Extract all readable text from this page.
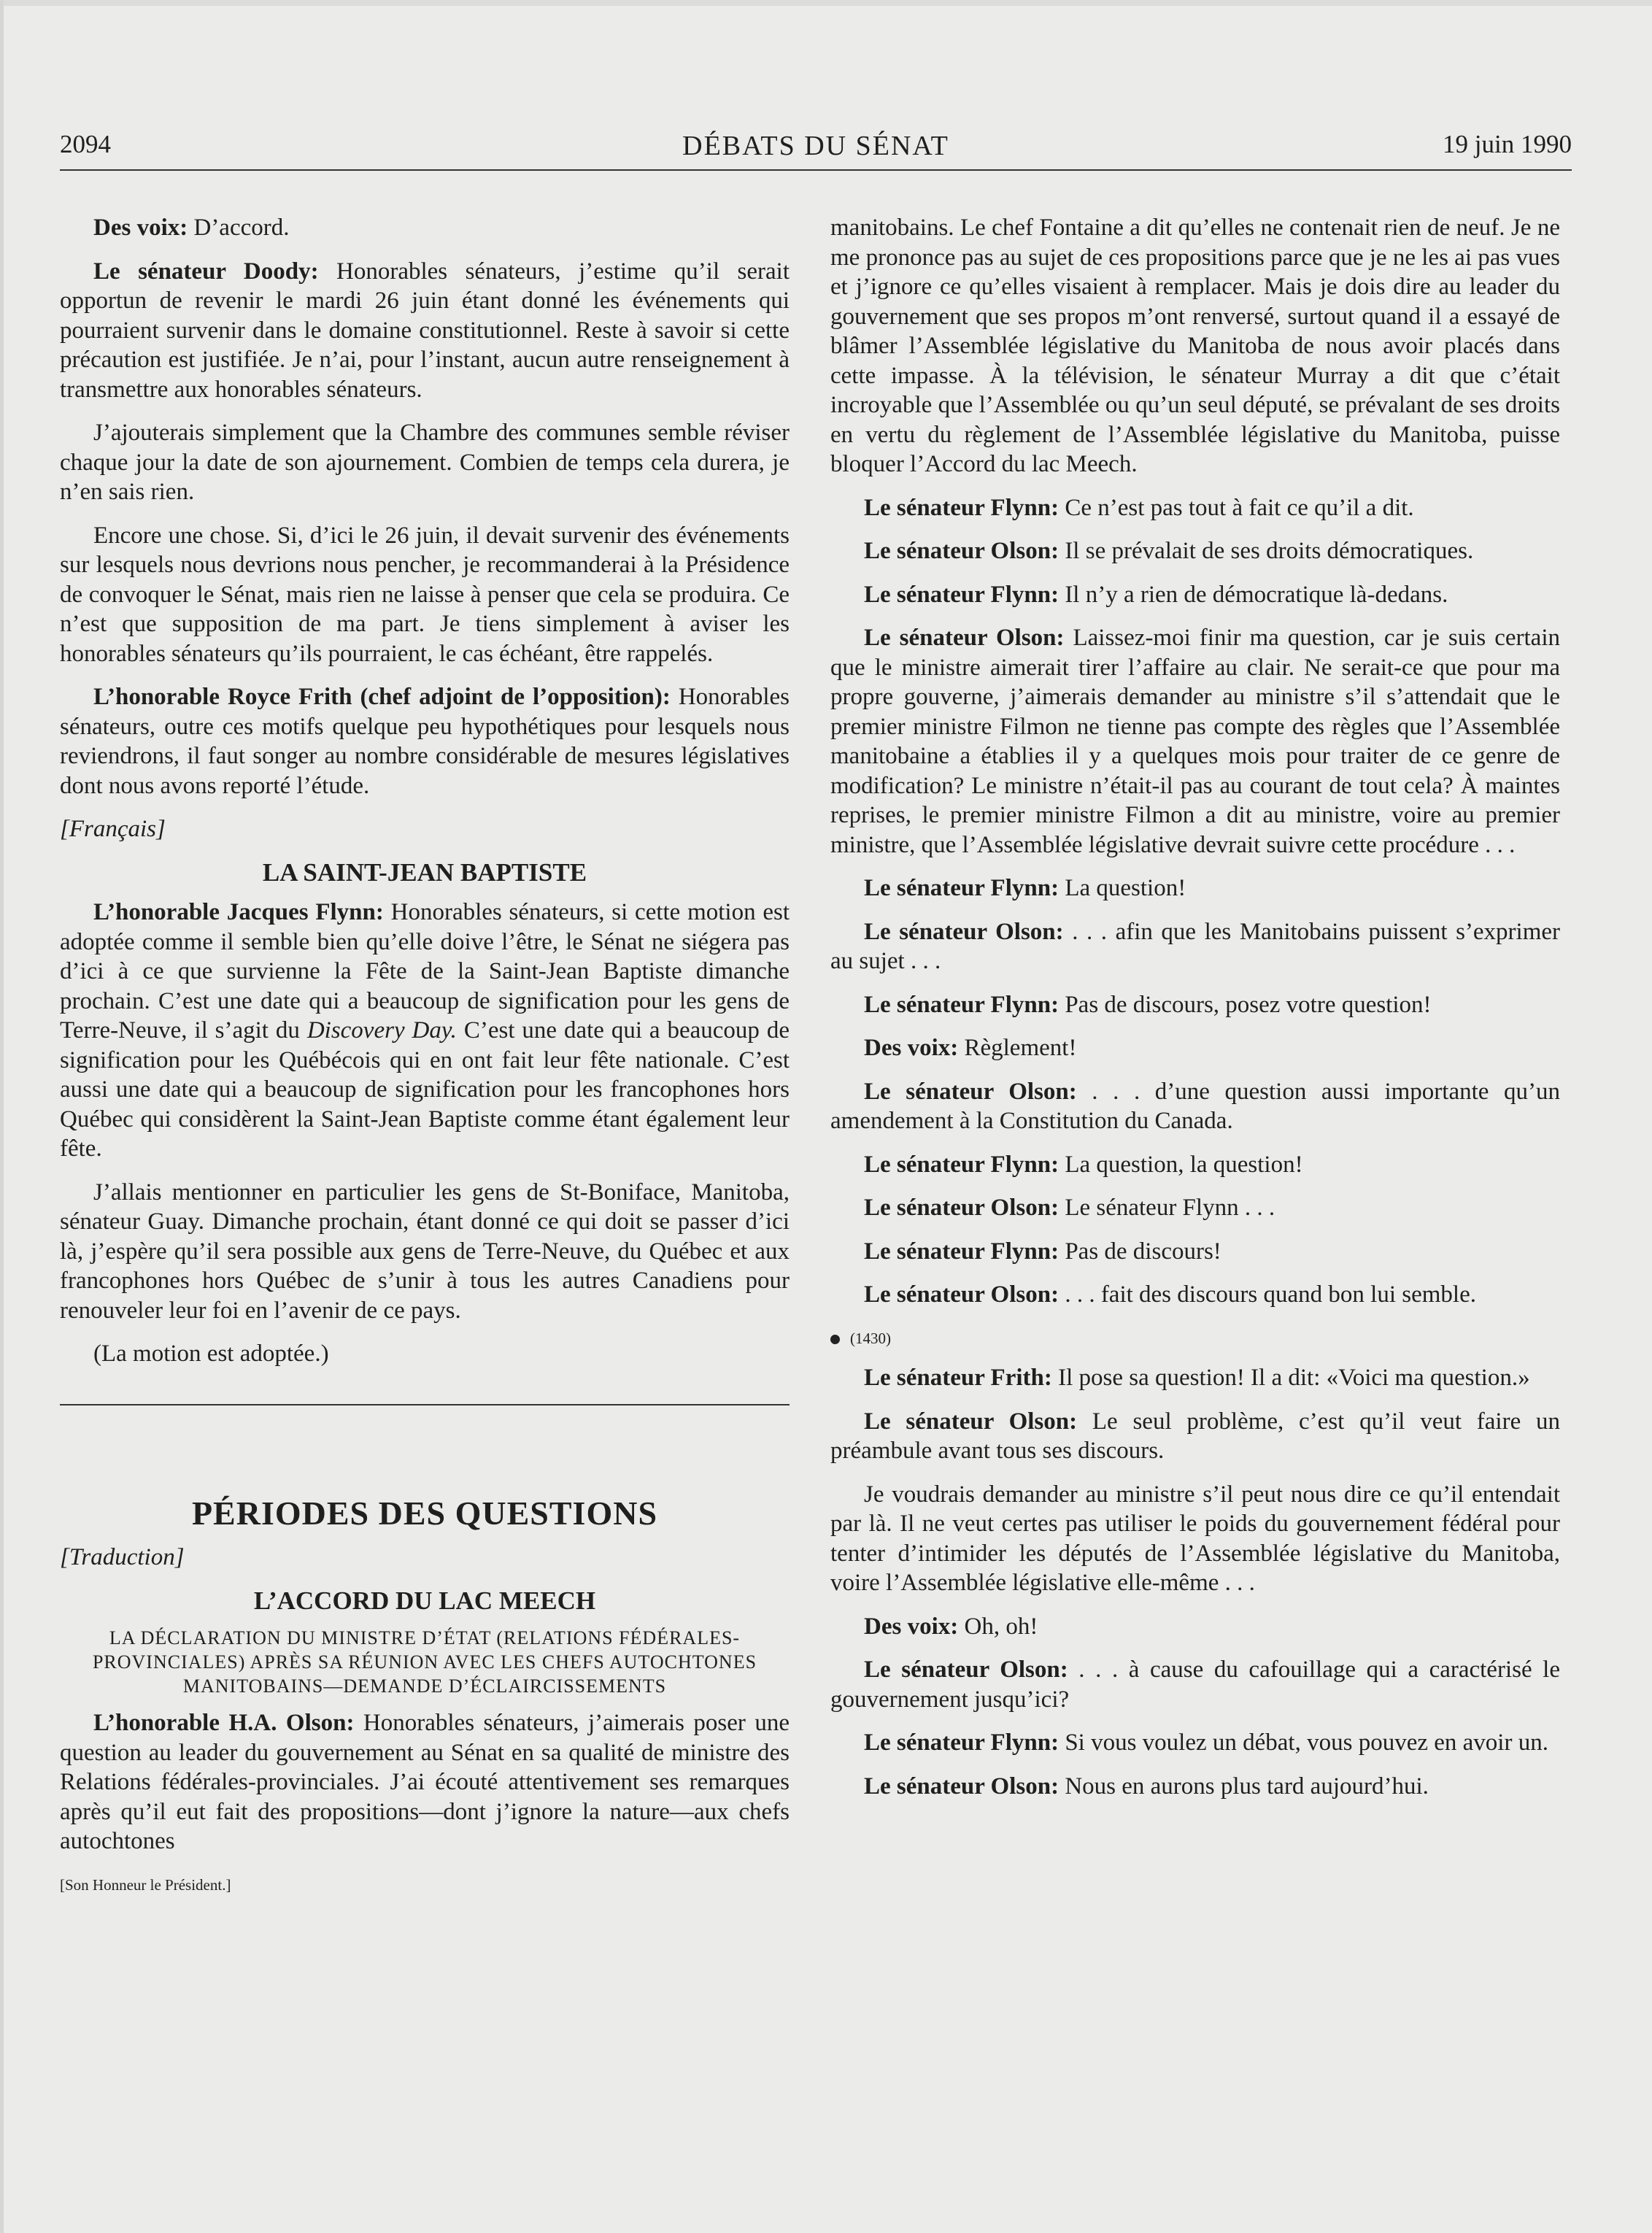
2094	DÉBATS DU SÉNAT	19 juin 1990

Des voix: D’accord.

Le sénateur Doody: Honorables sénateurs, j’estime qu’il serait opportun de revenir le mardi 26 juin étant donné les événements qui pourraient survenir dans le domaine constitutionnel. Reste à savoir si cette précaution est justifiée. Je n’ai, pour l’instant, aucun autre renseignement à transmettre aux honorables sénateurs.

J’ajouterais simplement que la Chambre des communes semble réviser chaque jour la date de son ajournement. Combien de temps cela durera, je n’en sais rien.

Encore une chose. Si, d’ici le 26 juin, il devait survenir des événements sur lesquels nous devrions nous pencher, je recommanderai à la Présidence de convoquer le Sénat, mais rien ne laisse à penser que cela se produira. Ce n’est que supposition de ma part. Je tiens simplement à aviser les honorables sénateurs qu’ils pourraient, le cas échéant, être rappelés.

L’honorable Royce Frith (chef adjoint de l’opposition): Honorables sénateurs, outre ces motifs quelque peu hypothétiques pour lesquels nous reviendrons, il faut songer au nombre considérable de mesures législatives dont nous avons reporté l’étude.

[Français]

LA SAINT-JEAN BAPTISTE

L’honorable Jacques Flynn: Honorables sénateurs, si cette motion est adoptée comme il semble bien qu’elle doive l’être, le Sénat ne siégera pas d’ici à ce que survienne la Fête de la Saint-Jean Baptiste dimanche prochain. C’est une date qui a beaucoup de signification pour les gens de Terre-Neuve, il s’agit du Discovery Day. C’est une date qui a beaucoup de signification pour les Québécois qui en ont fait leur fête nationale. C’est aussi une date qui a beaucoup de signification pour les francophones hors Québec qui considèrent la Saint-Jean Baptiste comme étant également leur fête.

J’allais mentionner en particulier les gens de St-Boniface, Manitoba, sénateur Guay. Dimanche prochain, étant donné ce qui doit se passer d’ici là, j’espère qu’il sera possible aux gens de Terre-Neuve, du Québec et aux francophones hors Québec de s’unir à tous les autres Canadiens pour renouveler leur foi en l’avenir de ce pays.

(La motion est adoptée.)

PÉRIODES DES QUESTIONS

[Traduction]

L’ACCORD DU LAC MEECH
LA DÉCLARATION DU MINISTRE D’ÉTAT (RELATIONS FÉDÉRALES-PROVINCIALES) APRÈS SA RÉUNION AVEC LES CHEFS AUTOCHTONES MANITOBAINS—DEMANDE D’ÉCLAIRCISSEMENTS

L’honorable H.A. Olson: Honorables sénateurs, j’aimerais poser une question au leader du gouvernement au Sénat en sa qualité de ministre des Relations fédérales-provinciales. J’ai écouté attentivement ses remarques après qu’il eut fait des propositions—dont j’ignore la nature—aux chefs autochtones

[Son Honneur le Président.]

manitobains. Le chef Fontaine a dit qu’elles ne contenait rien de neuf. Je ne me prononce pas au sujet de ces propositions parce que je ne les ai pas vues et j’ignore ce qu’elles visaient à remplacer. Mais je dois dire au leader du gouvernement que ses propos m’ont renversé, surtout quand il a essayé de blâmer l’Assemblée législative du Manitoba de nous avoir placés dans cette impasse. À la télévision, le sénateur Murray a dit que c’était incroyable que l’Assemblée ou qu’un seul député, se prévalant de ses droits en vertu du règlement de l’Assemblée législative du Manitoba, puisse bloquer l’Accord du lac Meech.

Le sénateur Flynn: Ce n’est pas tout à fait ce qu’il a dit.

Le sénateur Olson: Il se prévalait de ses droits démocratiques.

Le sénateur Flynn: Il n’y a rien de démocratique là-dedans.

Le sénateur Olson: Laissez-moi finir ma question, car je suis certain que le ministre aimerait tirer l’affaire au clair. Ne serait-ce que pour ma propre gouverne, j’aimerais demander au ministre s’il s’attendait que le premier ministre Filmon ne tienne pas compte des règles que l’Assemblée manitobaine a établies il y a quelques mois pour traiter de ce genre de modification? Le ministre n’était-il pas au courant de tout cela? À maintes reprises, le premier ministre Filmon a dit au ministre, voire au premier ministre, que l’Assemblée législative devrait suivre cette procédure . . .

Le sénateur Flynn: La question!

Le sénateur Olson: . . . afin que les Manitobains puissent s’exprimer au sujet . . .

Le sénateur Flynn: Pas de discours, posez votre question!

Des voix: Règlement!

Le sénateur Olson: . . . d’une question aussi importante qu’un amendement à la Constitution du Canada.

Le sénateur Flynn: La question, la question!

Le sénateur Olson: Le sénateur Flynn . . .

Le sénateur Flynn: Pas de discours!

Le sénateur Olson: . . . fait des discours quand bon lui semble.

(1430)

Le sénateur Frith: Il pose sa question! Il a dit: «Voici ma question.»

Le sénateur Olson: Le seul problème, c’est qu’il veut faire un préambule avant tous ses discours.

Je voudrais demander au ministre s’il peut nous dire ce qu’il entendait par là. Il ne veut certes pas utiliser le poids du gouvernement fédéral pour tenter d’intimider les députés de l’Assemblée législative du Manitoba, voire l’Assemblée législative elle-même . . .

Des voix: Oh, oh!

Le sénateur Olson: . . . à cause du cafouillage qui a caractérisé le gouvernement jusqu’ici?

Le sénateur Flynn: Si vous voulez un débat, vous pouvez en avoir un.

Le sénateur Olson: Nous en aurons plus tard aujourd’hui.
